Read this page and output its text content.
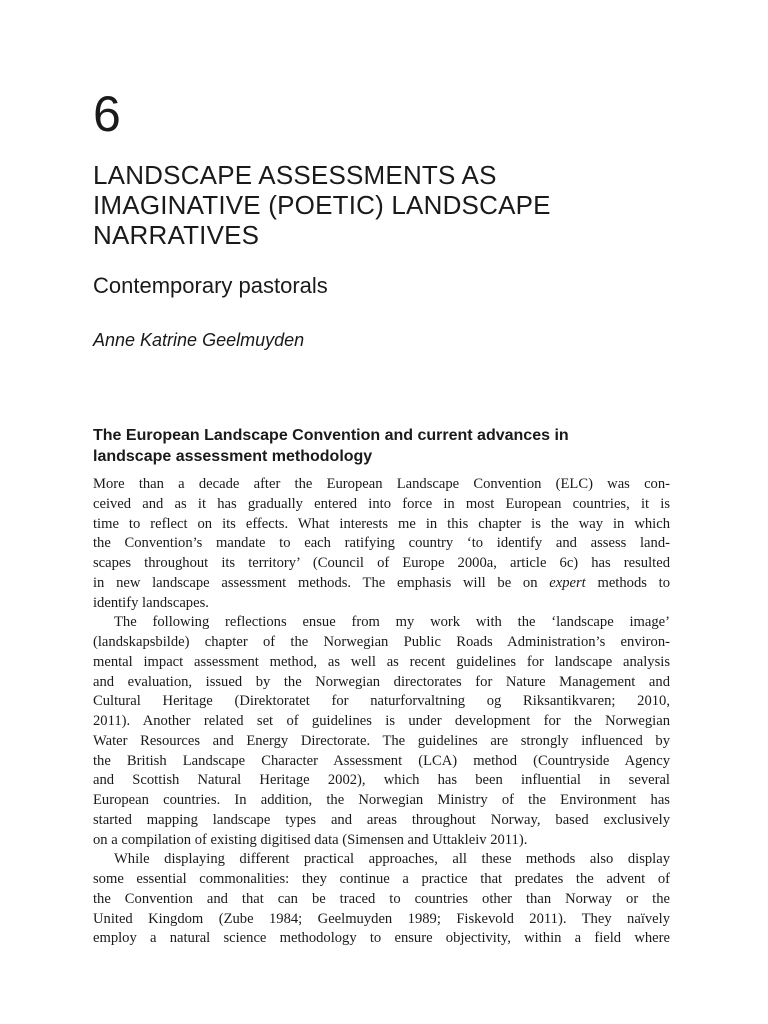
6
LANDSCAPE ASSESSMENTS AS
IMAGINATIVE (POETIC) LANDSCAPE
NARRATIVES
Contemporary pastorals
Anne Katrine Geelmuyden
The European Landscape Convention and current advances in
landscape assessment methodology

More than a decade after the European Landscape Convention (ELC) was con-
ceived and as it has gradually entered into force in most European countries, it is
time to reflect on its effects. What interests me in this chapter is the way in which
the Convention’s mandate to each ratifying country ‘to identify and assess land-
scapes throughout its territory’ (Council of Europe 2000a, article 6c) has resulted
in new landscape assessment methods. The emphasis will be on expert methods to
identify landscapes.

The following reflections ensue from my work with the ‘landscape image’
(landskapsbilde) chapter of the Norwegian Public Roads Administration’s environ-
mental impact assessment method, as well as recent guidelines for landscape analysis
and evaluation, issued by the Norwegian directorates for Nature Management and
Cultural Heritage (Direktoratet for naturforvaltning og Riksantikvaren; 2010,
2011). Another related set of guidelines is under development for the Norwegian
Water Resources and Energy Directorate. The guidelines are strongly influenced by
the British Landscape Character Assessment (LCA) method (Countryside Agency
and Scottish Natural Heritage 2002), which has been influential in several
European countries. In addition, the Norwegian Ministry of the Environment has
started mapping landscape types and areas throughout Norway, based exclusively
on a compilation of existing digitised data (Simensen and Uttakleiv 2011).

While displaying different practical approaches, all these methods also display
some essential commonalities: they continue a practice that predates the advent of
the Convention and that can be traced to countries other than Norway or the
United Kingdom (Zube 1984; Geelmuyden 1989; Fiskevold 2011). They naïvely
employ a natural science methodology to ensure objectivity, within a field where
